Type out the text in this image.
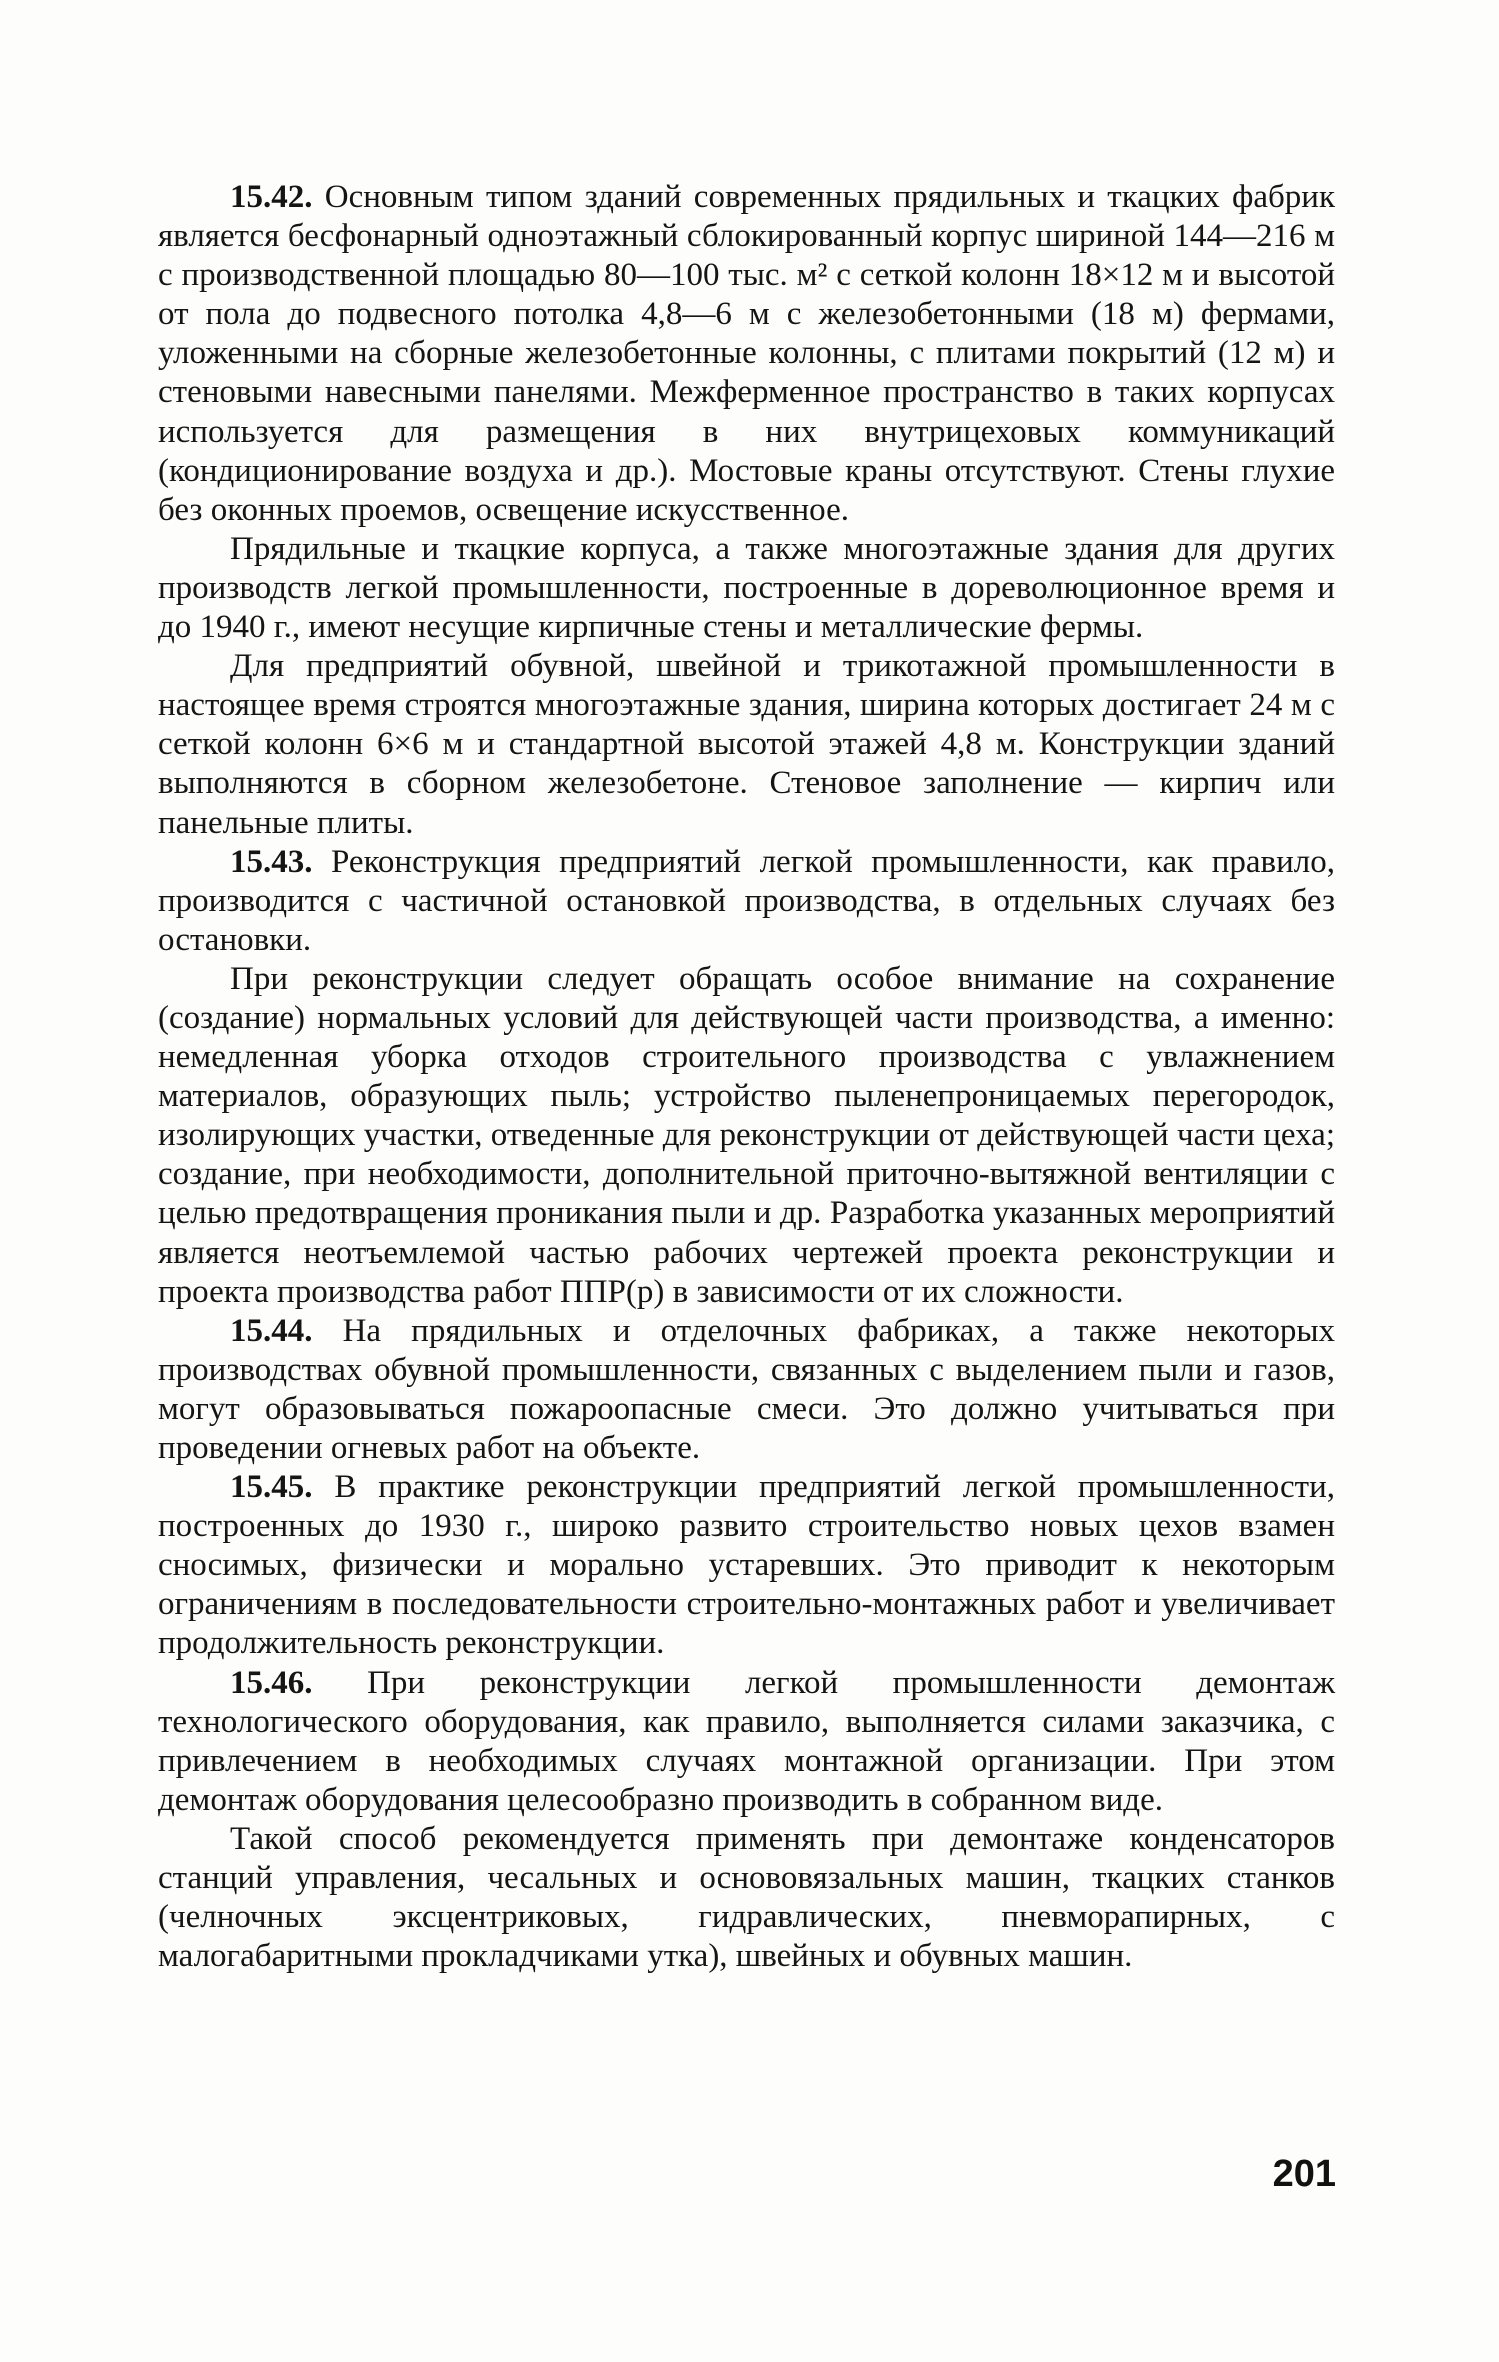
15.42. Основным типом зданий современных прядильных и ткацких фабрик является бесфонарный одноэтажный сблокированный корпус шириной 144—216 м с производственной площадью 80—100 тыс. м² с сеткой колонн 18×12 м и высотой от пола до подвесного потолка 4,8—6 м с железобетонными (18 м) фермами, уложенными на сборные железобетонные колонны, с плитами покрытий (12 м) и стеновыми навесными панелями. Межферменное пространство в таких корпусах используется для размещения в них внутрицеховых коммуникаций (кондиционирование воздуха и др.). Мостовые краны отсутствуют. Стены глухие без оконных проемов, освещение искусственное.

Прядильные и ткацкие корпуса, а также многоэтажные здания для других производств легкой промышленности, построенные в дореволюционное время и до 1940 г., имеют несущие кирпичные стены и металлические фермы.

Для предприятий обувной, швейной и трикотажной промышленности в настоящее время строятся многоэтажные здания, ширина которых достигает 24 м с сеткой колонн 6×6 м и стандартной высотой этажей 4,8 м. Конструкции зданий выполняются в сборном железобетоне. Стеновое заполнение — кирпич или панельные плиты.

15.43. Реконструкция предприятий легкой промышленности, как правило, производится с частичной остановкой производства, в отдельных случаях без остановки.

При реконструкции следует обращать особое внимание на сохранение (создание) нормальных условий для действующей части производства, а именно: немедленная уборка отходов строительного производства с увлажнением материалов, образующих пыль; устройство пыленепроницаемых перегородок, изолирующих участки, отведенные для реконструкции от действующей части цеха; создание, при необходимости, дополнительной приточно-вытяжной вентиляции с целью предотвращения проникания пыли и др. Разработка указанных мероприятий является неотъемлемой частью рабочих чертежей проекта реконструкции и проекта производства работ ППР(р) в зависимости от их сложности.

15.44. На прядильных и отделочных фабриках, а также некоторых производствах обувной промышленности, связанных с выделением пыли и газов, могут образовываться пожароопасные смеси. Это должно учитываться при проведении огневых работ на объекте.

15.45. В практике реконструкции предприятий легкой промышленности, построенных до 1930 г., широко развито строительство новых цехов взамен сносимых, физически и морально устаревших. Это приводит к некоторым ограничениям в последовательности строительно-монтажных работ и увеличивает продолжительность реконструкции.

15.46. При реконструкции легкой промышленности демонтаж технологического оборудования, как правило, выполняется силами заказчика, с привлечением в необходимых случаях монтажной организации. При этом демонтаж оборудования целесообразно производить в собранном виде.

Такой способ рекомендуется применять при демонтаже конденсаторов станций управления, чесальных и основовязальных машин, ткацких станков (челночных эксцентриковых, гидравлических, пневморапирных, с малогабаритными прокладчиками утка), швейных и обувных машин.

201
